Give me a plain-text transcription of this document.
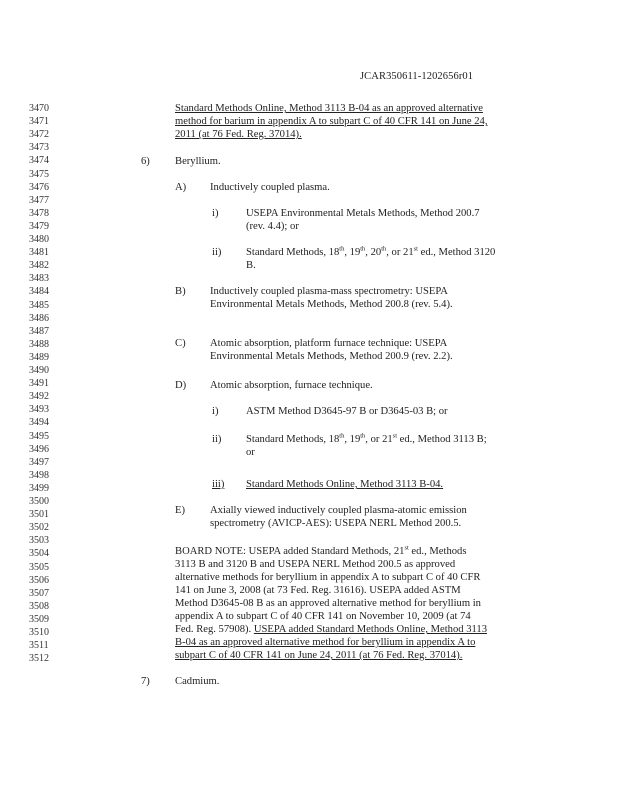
JCAR350611-1202656r01
3470
3471
3472
3473
3474
3475
3476
3477
3478
3479
3480
3481
3482
3483
3484
3485
3486
3487
3488
3489
3490
3491
3492
3493
3494
3495
3496
3497
3498
3499
3500
3501
3502
3503
3504
3505
3506
3507
3508
3509
3510
3511
3512
Standard Methods Online, Method 3113 B-04 as an approved alternative
method for barium in appendix A to subpart C of 40 CFR 141 on June 24,
2011 (at 76 Fed. Reg. 37014).
6) Beryllium.
A) Inductively coupled plasma.
i)	USEPA Environmental Metals Methods, Method 200.7
(rev. 4.4); or
ii) Standard Methods, 18th, 19th, 20th, or 21st ed., Method 3120
B.
B) Inductively coupled plasma-mass spectrometry: USEPA
Environmental Metals Methods, Method 200.8 (rev. 5.4).
C) Atomic absorption, platform furnace technique: USEPA
Environmental Metals Methods, Method 200.9 (rev. 2.2).
D) Atomic absorption, furnace technique.
i)	ASTM Method D3645-97 B or D3645-03 B; or
ii) Standard Methods, 18th, 19th, or 21st ed., Method 3113 B;
or
iii) Standard Methods Online, Method 3113 B-04.
E) Axially viewed inductively coupled plasma-atomic emission
spectrometry (AVICP-AES): USEPA NERL Method 200.5.
BOARD NOTE: USEPA added Standard Methods, 21st ed., Methods
3113 B and 3120 B and USEPA NERL Method 200.5 as approved
alternative methods for beryllium in appendix A to subpart C of 40 CFR
141 on June 3, 2008 (at 73 Fed. Reg. 31616). USEPA added ASTM
Method D3645-08 B as an approved alternative method for beryllium in
appendix A to subpart C of 40 CFR 141 on November 10, 2009 (at 74
Fed. Reg. 57908). USEPA added Standard Methods Online, Method 3113
B-04 as an approved alternative method for beryllium in appendix A to
subpart C of 40 CFR 141 on June 24, 2011 (at 76 Fed. Reg. 37014).
7) Cadmium.
